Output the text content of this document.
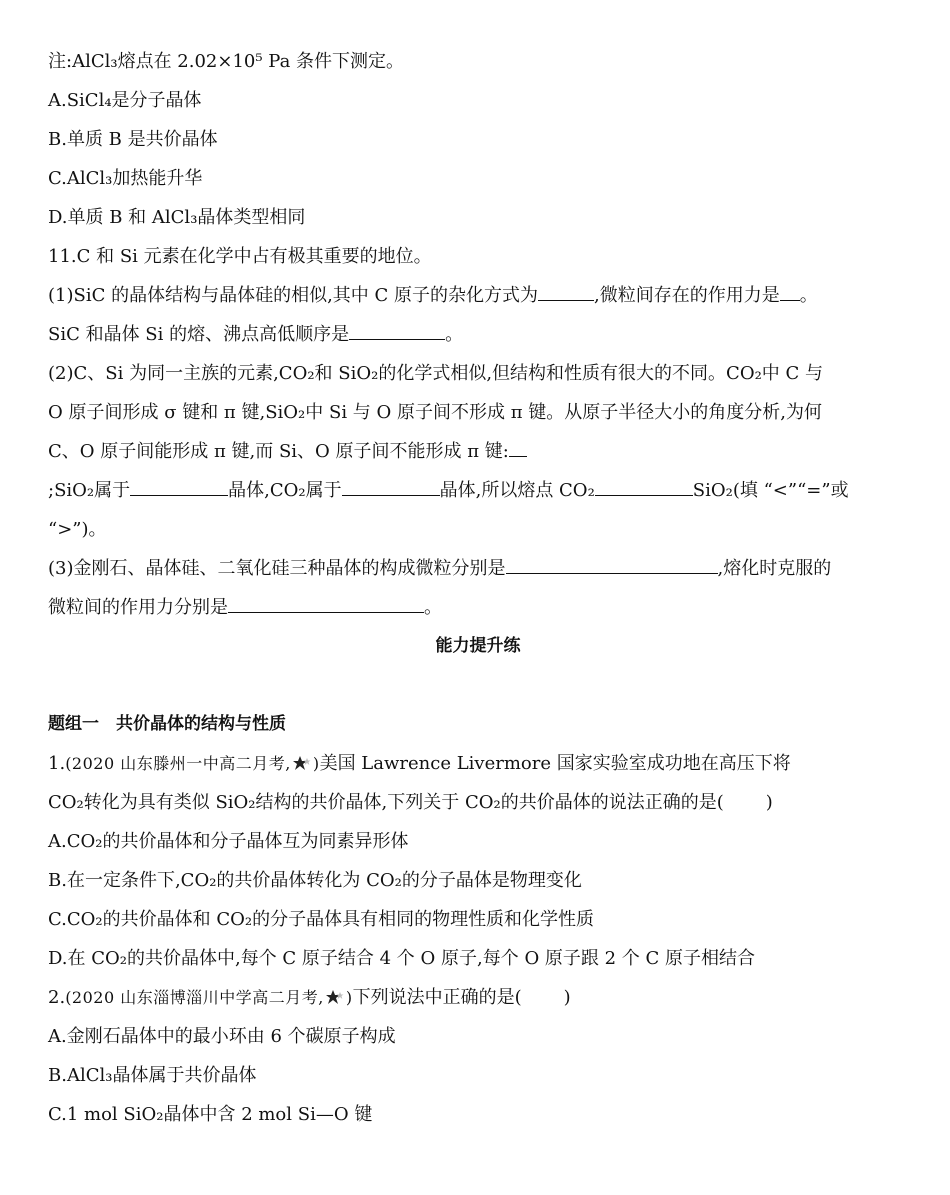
注:AlCl₃熔点在 2.02×10⁵ Pa 条件下测定。
A.SiCl₄是分子晶体
B.单质 B 是共价晶体
C.AlCl₃加热能升华
D.单质 B 和 AlCl₃晶体类型相同
11.C 和 Si 元素在化学中占有极其重要的地位。
(1)SiC 的晶体结构与晶体硅的相似,其中 C 原子的杂化方式为	,微粒间存在的作用力是 。
SiC 和晶体 Si 的熔、沸点高低顺序是	。
(2)C、Si 为同一主族的元素,CO₂和 SiO₂的化学式相似,但结构和性质有很大的不同。CO₂中 C 与
O 原子间形成 σ 键和 π 键,SiO₂中 Si 与 O 原子间不形成 π 键。从原子半径大小的角度分析,为何
C、O 原子间能形成 π 键,而 Si、O 原子间不能形成 π 键:
;SiO₂属于	晶体,CO₂属于	晶体,所以熔点 CO₂	SiO₂(填 “<”“=”或
“>”)。
(3)金刚石、晶体硅、二氧化硅三种晶体的构成微粒分别是	,熔化时克服的
微粒间的作用力分别是	。
能力提升练
题组一　共价晶体的结构与性质
1.(2020 山东滕州一中高二月考, )美国 Lawrence Livermore 国家实验室成功地在高压下将
CO₂转化为具有类似 SiO₂结构的共价晶体,下列关于 CO₂的共价晶体的说法正确的是( )
A.CO₂的共价晶体和分子晶体互为同素异形体
B.在一定条件下,CO₂的共价晶体转化为 CO₂的分子晶体是物理变化
C.CO₂的共价晶体和 CO₂的分子晶体具有相同的物理性质和化学性质
D.在 CO₂的共价晶体中,每个 C 原子结合 4 个 O 原子,每个 O 原子跟 2 个 C 原子相结合
2.(2020 山东淄博淄川中学高二月考, )下列说法中正确的是( )
A.金刚石晶体中的最小环由 6 个碳原子构成
B.AlCl₃晶体属于共价晶体
C.1 mol SiO₂晶体中含 2 mol Si—O 键
